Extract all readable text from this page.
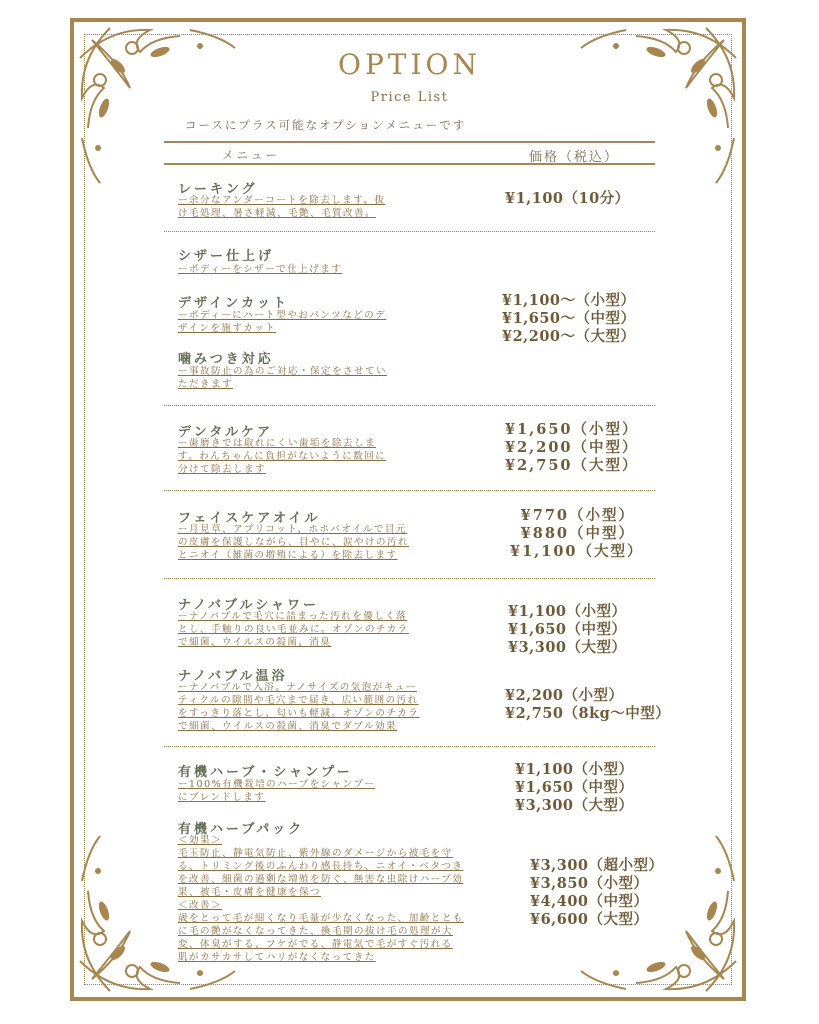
OPTION
Price List
コースにプラス可能なオプションメニューです
メニュー	価格（税込）
レーキング
ー余分なアンダーコートを除去します。抜
け毛処理、暑さ軽減、毛艶、毛質改善。
¥1,100（10分）
シザー仕上げ
ーボディーをシザーで仕上げます
デザインカット
ーボディーにハート型やおパンツなどのデ
ザインを施すカット
噛みつき対応
ー事故防止の為のご対応・保定をさせてい
ただきます
¥1,100〜（小型）
¥1,650〜（中型）
¥2,200〜（大型）
デンタルケア
ー歯磨きでは取れにくい歯垢を除去しま
す。わんちゃんに負担がないように数回に
分けて除去します
¥1,650（小型）
¥2,200（中型）
¥2,750（大型）
フェイスケアオイル
ー月見草、アプリコット、ホホバオイルで目元
の皮膚を保護しながら、目やに、涙やけの汚れ
とニオイ（雑菌の増殖による）を除去します
¥770（小型）
¥880（中型）
¥1,100（大型）
ナノバブルシャワー
ーナノバブルで毛穴に詰まった汚れを優しく落
とし、手触りの良い毛並みに。オゾンのチカラ
で細菌、ウイルスの殺菌、消臭
¥1,100（小型）
¥1,650（中型）
¥3,300（大型）
ナノバブル温浴
ーナノバブルで入浴。ナノサイズの気泡がキュー
ティクルの隙間や毛穴まで届き、広い範囲の汚れ
をすっきり落とし、匂いも軽減。オゾンのチカラ
で細菌、ウイルスの殺菌、消臭でダブル効果
¥2,200（小型）
¥2,750（8kg〜中型）
有機ハーブ・シャンプー
ー100%有機栽培のハーブをシャンプー
にブレンドします
¥1,100（小型）
¥1,650（中型）
¥3,300（大型）
有機ハーブパック
＜効果＞
毛玉防止、静電気防止、紫外線のダメージから被毛を守
る、トリミング後のふんわり感長持ち、ニオイ・ベタつき
を改善、細菌の過剰な増殖を防ぐ、無害な虫除けハーブ効
果、被毛・皮膚を健康を保つ
＜改善＞
歳をとって毛が細くなり毛量が少なくなった、加齢ととも
に毛の艶がなくなってきた、換毛期の抜け毛の処理が大
変、体臭がする、フケがでる、静電気で毛がすぐ汚れる
肌がカサカサしてハリがなくなってきた
¥3,300（超小型）
¥3,850（小型）
¥4,400（中型）
¥6,600（大型）
